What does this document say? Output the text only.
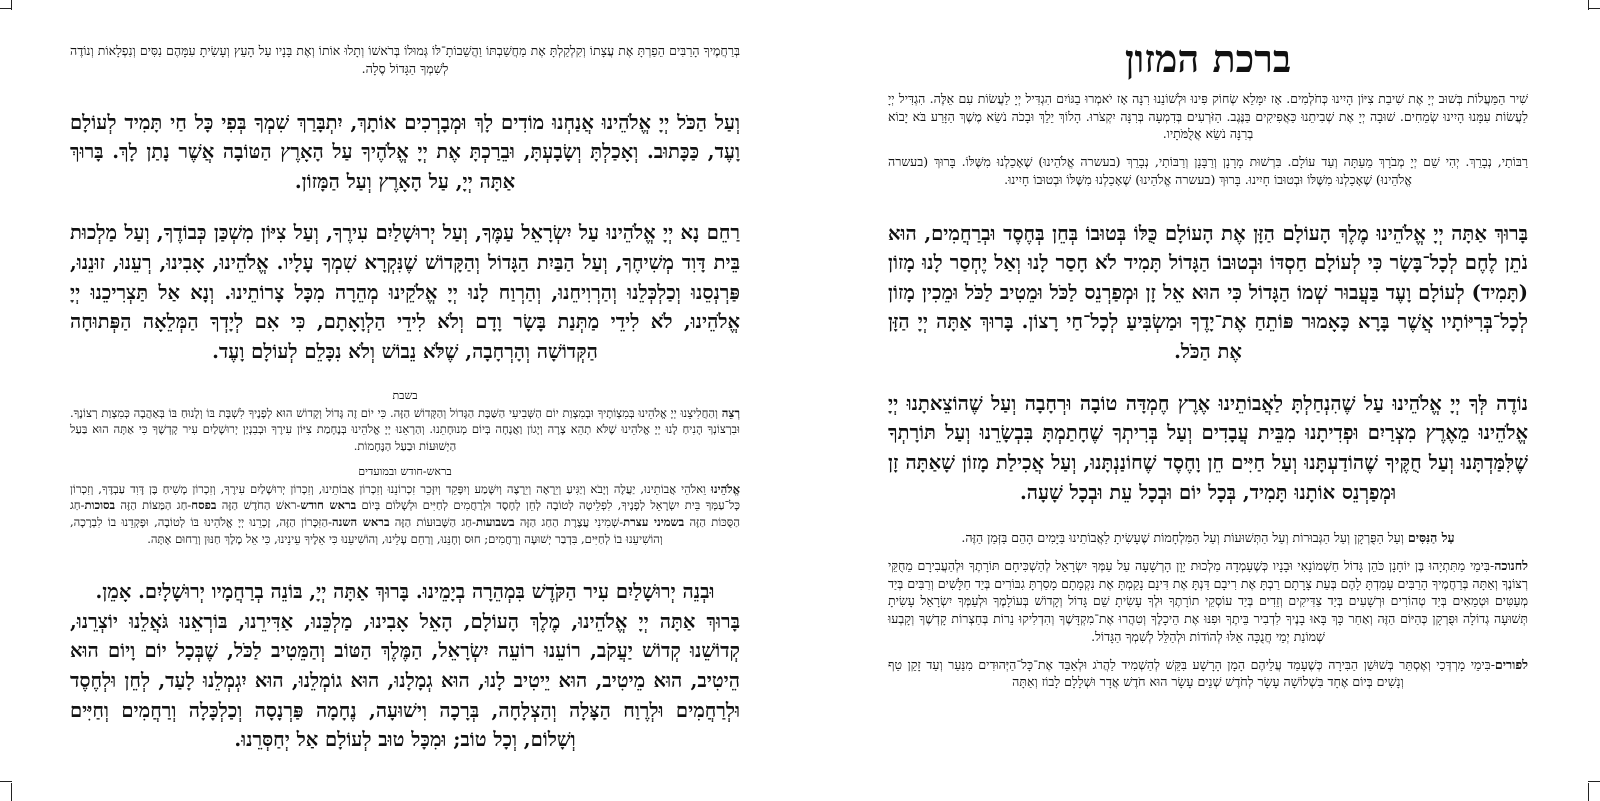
ברכת המזון

שִׁיר הַמַּעֲלוֹת בְּשׁוּב יְיָ אֶת שִׁיבַת צִיּוֹן הָיִינוּ כְּחֹלְמִים. אָז יִמָּלֵא שְׂחוֹק פִּינוּ וּלְשׁוֹנֵנוּ רִנָּה אָז יֹאמְרוּ בַגּוֹיִם הִגְדִּיל יְיָ לַעֲשׂוֹת עִם אֵלֶּה. הִגְדִּיל יְיָ לַעֲשׂוֹת עִמָּנוּ הָיִינוּ שְׂמֵחִים. שׁוּבָה יְיָ אֶת שְׁבִיתֵנוּ כַּאֲפִיקִים בַּנֶּגֶב. הַזֹּרְעִים בְּדִמְעָה בְּרִנָּה יִקְצֹרוּ. הָלוֹךְ יֵלֵךְ וּבָכֹה נֹשֵׂא מֶשֶׁךְ הַזָּרַע בֹּא יָבוֹא בְרִנָּה נֹשֵׂא אֲלֻמֹּתָיו.

רַבּוֹתַי, נְבָרֵךְ. יְהִי שֵׁם יְיָ מְבֹרָךְ מֵעַתָּה וְעַד עוֹלָם. בִּרְשׁוּת מָרָנָן וְרַבָּנָן וְרַבּוֹתַי, נְבָרֵךְ (בעשרה אֱלֹהֵינוּ) שֶׁאָכַלְנוּ מִשֶּׁלּוֹ. בָּרוּךְ (בעשרה אֱלֹהֵינוּ) שֶׁאָכַלְנוּ מִשֶּׁלּוֹ וּבְטוּבוֹ חָיִינוּ. בָּרוּךְ (בעשרה אֱלֹהֵינוּ) שֶׁאָכַלְנוּ מִשֶּׁלּוֹ וּבְטוּבוֹ חָיִינוּ.

בָּרוּךְ אַתָּה יְיָ אֱלֹהֵינוּ מֶלֶךְ הָעוֹלָם הַזָּן אֶת הָעוֹלָם כֻּלּוֹ בְּטוּבוֹ בְּחֵן בְּחֶסֶד וּבְרַחֲמִים, הוּא נֹתֵן לֶחֶם לְכָל־בָּשָׂר כִּי לְעוֹלָם חַסְדּוֹ וּבְטוּבוֹ הַגָּדוֹל תָּמִיד לֹא חָסַר לָנוּ וְאַל יֶחְסַר לָנוּ מָזוֹן (תָּמִיד) לְעוֹלָם וָעֶד בַּעֲבוּר שְׁמוֹ הַגָּדוֹל כִּי הוּא אֵל זָן וּמְפַרְנֵס לַכֹּל וּמֵטִיב לַכֹּל וּמֵכִין מָזוֹן לְכָל־בְּרִיּוֹתָיו אֲשֶׁר בָּרָא כָּאָמוּר פּוֹתֵחַ אֶת־יָדֶךָ וּמַשְׂבִּיעַ לְכָל־חַי רָצוֹן. בָּרוּךְ אַתָּה יְיָ הַזָּן אֶת הַכֹּל.

נוֹדֶה לְּךָ יְיָ אֱלֹהֵינוּ עַל שֶׁהִנְחַלְתָּ לַאֲבוֹתֵינוּ אֶרֶץ חֶמְדָּה טוֹבָה וּרְחָבָה וְעַל שֶׁהוֹצֵאתָנוּ יְיָ אֱלֹהֵינוּ מֵאֶרֶץ מִצְרַיִם וּפְדִיתָנוּ מִבֵּית עֲבָדִים וְעַל בְּרִיתְךָ שֶׁחָתַמְתָּ בִּבְשָׂרֵנוּ וְעַל תּוֹרָתְךָ שֶׁלִּמַּדְתָּנוּ וְעַל חֻקֶּיךָ שֶׁהוֹדַעְתָּנוּ וְעַל חַיִּים חֵן וָחֶסֶד שֶׁחוֹנַנְתָּנוּ, וְעַל אֲכִילַת מָזוֹן שָׁאַתָּה זָן וּמְפַרְנֵס אוֹתָנוּ תָּמִיד, בְּכָל יוֹם וּבְכָל עֵת וּבְכָל שָׁעָה.

עַל הַנִּסִּים וְעַל הַפֻּרְקָן וְעַל הַגְּבוּרוֹת וְעַל הַתְּשׁוּעוֹת וְעַל הַמִּלְחָמוֹת שֶׁעָשִׂיתָ לַאֲבוֹתֵינוּ בַּיָּמִים הָהֵם בַּזְּמַן הַזֶּה.

לחנוכה-בִּימֵי מַתִּתְיָהוּ בֶּן יוֹחָנָן כֹּהֵן גָּדוֹל חַשְׁמוֹנָאִי וּבָנָיו כְּשֶׁעָמְדָה מַלְכוּת יָוָן הָרְשָׁעָה עַל עַמְּךָ יִשְׂרָאֵל לְהַשְׁכִּיחָם תּוֹרָתֶךָ וּלְהַעֲבִירָם מֵחֻקֵּי רְצוֹנֶךָ וְאַתָּה בְּרַחֲמֶיךָ הָרַבִּים עָמַדְתָּ לָהֶם בְּעֵת צָרָתָם רַבְתָּ אֶת רִיבָם דַּנְתָּ אֶת דִּינָם נָקַמְתָּ אֶת נִקְמָתָם מָסַרְתָּ גִבּוֹרִים בְּיַד חַלָּשִׁים וְרַבִּים בְּיַד מְעַטִּים וּטְמֵאִים בְּיַד טְהוֹרִים וּרְשָׁעִים בְּיַד צַדִּיקִים וְזֵדִים בְּיַד עוֹסְקֵי תוֹרָתֶךָ וּלְךָ עָשִׂיתָ שֵׁם גָּדוֹל וְקָדוֹשׁ בְּעוֹלָמֶךָ וּלְעַמְּךָ יִשְׂרָאֵל עָשִׂיתָ תְּשׁוּעָה גְדוֹלָה וּפֻרְקָן כְּהַיּוֹם הַזֶּה וְאַחַר כָּךְ בָּאוּ בָנֶיךָ לִדְבִיר בֵּיתֶךָ וּפִנּוּ אֶת הֵיכָלֶךָ וְטִהֲרוּ אֶת־מִקְדָּשֶׁךָ וְהִדְלִיקוּ נֵרוֹת בְּחַצְרוֹת קָדְשֶׁךָ וְקָבְעוּ שְׁמוֹנַת יְמֵי חֲנֻכָּה אֵלּוּ לְהוֹדוֹת וּלְהַלֵּל לְשִׁמְךָ הַגָּדוֹל.

לפורים-בִּימֵי מָרְדְּכַי וְאֶסְתֵּר בְּשׁוּשַׁן הַבִּירָה כְּשֶׁעָמַד עֲלֵיהֶם הָמָן הָרָשָׁע בִּקֵּשׁ לְהַשְׁמִיד לַהֲרֹג וּלְאַבֵּד אֶת־כָּל־הַיְּהוּדִים מִנַּעַר וְעַד זָקֵן טַף וְנָשִׁים בְּיוֹם אֶחָד בִּשְׁלוֹשָׁה עָשָׂר לְחֹדֶשׁ שְׁנֵים עָשָׂר הוּא חֹדֶשׁ אֲדָר וּשְׁלָלָם לָבוֹז וְאַתָּה

בְּרַחֲמֶיךָ הָרַבִּים הֵפַרְתָּ אֶת עֲצָתוֹ וְקִלְקַלְתָּ אֶת מַחֲשַׁבְתּוֹ וַהֲשֵׁבוֹתָ־לּוֹ גְּמוּלוֹ בְּרֹאשׁוֹ וְתָלוּ אוֹתוֹ וְאֶת בָּנָיו עַל הָעֵץ וְעָשִׂיתָ עִמָּהֶם נִסִּים וְנִפְלָאוֹת וְנוֹדֶה לְשִׁמְךָ הַגָּדוֹל סֶלָה.

וְעַל הַכֹּל יְיָ אֱלֹהֵינוּ אֲנַחְנוּ מוֹדִים לָךְ וּמְבָרְכִים אוֹתָךְ, יִתְבָּרַךְ שִׁמְךָ בְּפִי כָּל חַי תָּמִיד לְעוֹלָם וָעֶד, כַּכָּתוּב. וְאָכַלְתָּ וְשָׂבָעְתָּ, וּבֵרַכְתָּ אֶת יְיָ אֱלֹהֶיךָ עַל הָאָרֶץ הַטּוֹבָה אֲשֶׁר נָתַן לָךְ. בָּרוּךְ אַתָּה יְיָ, עַל הָאָרֶץ וְעַל הַמָּזוֹן.

רַחֵם נָא יְיָ אֱלֹהֵינוּ עַל יִשְׂרָאֵל עַמֶּךָ, וְעַל יְרוּשָׁלַיִם עִירֶךָ, וְעַל צִיּוֹן מִשְׁכַּן כְּבוֹדֶךָ, וְעַל מַלְכוּת בֵּית דָּוִד מְשִׁיחֶךָ, וְעַל הַבַּיִת הַגָּדוֹל וְהַקָּדוֹשׁ שֶׁנִּקְרָא שִׁמְךָ עָלָיו. אֱלֹהֵינוּ, אָבִינוּ, רְעֵנוּ, זוּנֵנוּ, פַּרְנְסֵנוּ וְכַלְכְּלֵנוּ וְהַרְוִיחֵנוּ, וְהַרְוַח לָנוּ יְיָ אֱלֹקֵינוּ מְהֵרָה מִכָּל צָרוֹתֵינוּ. וְנָא אַל תַּצְרִיכֵנוּ יְיָ אֱלֹהֵינוּ, לֹא לִידֵי מַתְּנַת בָּשָׂר וָדָם וְלֹא לִידֵי הַלְוָאָתָם, כִּי אִם לְיָדְךָ הַמְּלֵאָה הַפְּתוּחָה הַקְּדוֹשָׁה וְהָרְחָבָה, שֶׁלֹּא נֵבוֹשׁ וְלֹא נִכָּלֵם לְעוֹלָם וָעֶד.

בשבת

רְצֵה וְהַחֲלִיצֵנוּ יְיָ אֱלֹהֵינוּ בְּמִצְוֹתֶיךָ וּבְמִצְוַת יוֹם הַשְּׁבִיעִי הַשַּׁבָּת הַגָּדוֹל וְהַקָּדוֹשׁ הַזֶּה. כִּי יוֹם זֶה גָּדוֹל וְקָדוֹשׁ הוּא לְפָנֶיךָ לִשְׁבָּת בּוֹ וְלָנוּחַ בּוֹ בְּאַהֲבָה כְּמִצְוַת רְצוֹנֶךָ. וּבִרְצוֹנְךָ הָנִיחַ לָנוּ יְיָ אֱלֹהֵינוּ שֶׁלֹּא תְהֵא צָרָה וְיָגוֹן וַאֲנָחָה בְּיוֹם מְנוּחָתֵנוּ. וְהַרְאֵנוּ יְיָ אֱלֹהֵינוּ בְּנֶחָמַת צִיּוֹן עִירֶךָ וּבְבִנְיַן יְרוּשָׁלַיִם עִיר קָדְשֶׁךָ כִּי אַתָּה הוּא בַּעַל הַיְשׁוּעוֹת וּבַעַל הַנֶּחָמוֹת.

בראש-חודש ובמועדים

אֱלֹהֵינוּ וֵאלֹהֵי אֲבוֹתֵינוּ, יַעֲלֶה וְיָבֹא וְיַגִּיעַ וְיֵרָאֶה וְיֵרָצֶה וְיִשָּׁמַע וְיִפָּקֵד וְיִזָּכֵר זִכְרוֹנֵנוּ וְזִכְרוֹן אֲבוֹתֵינוּ, וְזִכְרוֹן יְרוּשָׁלַיִם עִירֶךָ, וְזִכְרוֹן מָשִׁיחַ בֶּן דָּוִד עַבְדֶּךָ, וְזִכְרוֹן כָּל־עַמְּךָ בֵּית יִשְׂרָאֵל לְפָנֶיךָ, לִפְלֵיטָה לְטוֹבָה לְחֵן לְחֶסֶד וּלְרַחֲמִים לְחַיִּים וּלְשָׁלוֹם בְּיוֹם בראש חודש-ראשׁ הַחֹדֶשׁ הַזֶּה בפסח-חַג הַמַּצּוֹת הַזֶּה בסוכות-חַג הַסֻּכּוֹת הַזֶּה בשמיני עצרת-שְׁמִינִי עֲצֶרֶת הַחַג הַזֶּה בשבועות-חַג הַשָּׁבוּעוֹת הַזֶּה בראש השנה-הַזִּכָּרוֹן הַזֶּה, זָכְרֵנוּ יְיָ אֱלֹהֵינוּ בּוֹ לְטוֹבָה, וּפָקְדֵנוּ בוֹ לִבְרָכָה, וְהוֹשִׁיעֵנוּ בוֹ לְחַיִּים, בִּדְבַר יְשׁוּעָה וְרַחֲמִים; חוּס וְחָנֵּנוּ, וְרַחֵם עָלֵינוּ, וְהוֹשִׁיעֵנוּ כִּי אֵלֶיךָ עֵינֵינוּ, כִּי אֵל מֶלֶךְ חַנּוּן וְרַחוּם אָתָּה.

וּבְנֵה יְרוּשָׁלַיִם עִיר הַקֹּדֶשׁ בִּמְהֵרָה בְיָמֵינוּ. בָּרוּךְ אַתָּה יְיָ, בּוֹנֵה בְרַחֲמָיו יְרוּשָׁלָיִם. אָמֵן.

בָּרוּךְ אַתָּה יְיָ אֱלֹהֵינוּ, מֶלֶךְ הָעוֹלָם, הָאֵל אָבִינוּ, מַלְכֵּנוּ, אַדִּירֵנוּ, בּוֹרְאֵנוּ גֹּאֲלֵנוּ יוֹצְרֵנוּ, קְדוֹשֵׁנוּ קְדוֹשׁ יַעֲקֹב, רוֹעֵנוּ רוֹעֵה יִשְׂרָאֵל, הַמֶּלֶךְ הַטּוֹב וְהַמֵּטִיב לַכֹּל, שֶׁבְּכָל יוֹם וָיוֹם הוּא הֵיטִיב, הוּא מֵיטִיב, הוּא יֵיטִיב לָנוּ, הוּא גְמָלָנוּ, הוּא גוֹמְלֵנוּ, הוּא יִגְמְלֵנוּ לָעַד, לְחֵן וּלְחֶסֶד וּלְרַחֲמִים וּלְרֶוַח הַצָּלָה וְהַצְלָחָה, בְּרָכָה וִישׁוּעָה, נֶחָמָה פַּרְנָסָה וְכַלְכָּלָה וְרַחֲמִים וְחַיִּים וְשָׁלוֹם, וְכָל טוֹב; וּמִכָּל טוּב לְעוֹלָם אַל יְחַסְּרֵנוּ.
